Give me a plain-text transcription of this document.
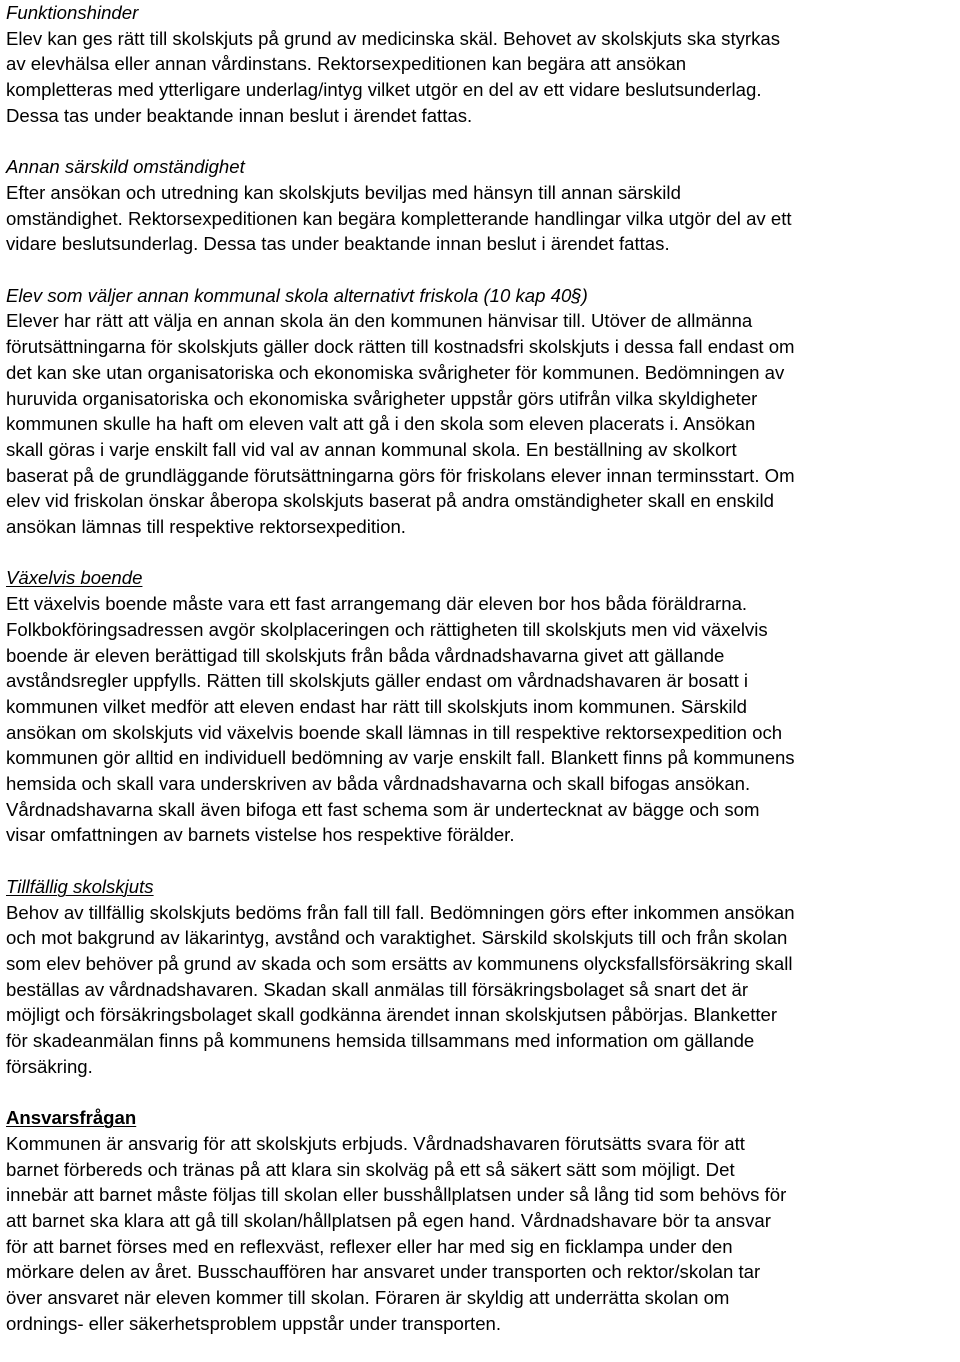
Funktionshinder

Elev kan ges rätt till skolskjuts på grund av medicinska skäl. Behovet av skolskjuts ska styrkas
av elevhälsa eller annan vårdinstans. Rektorsexpeditionen kan begära att ansökan
kompletteras med ytterligare underlag/intyg vilket utgör en del av ett vidare beslutsunderlag.
Dessa tas under beaktande innan beslut i ärendet fattas.

Annan särskild omständighet

Efter ansökan och utredning kan skolskjuts beviljas med hänsyn till annan särskild
omständighet. Rektorsexpeditionen kan begära kompletterande handlingar vilka utgör del av ett
vidare beslutsunderlag. Dessa tas under beaktande innan beslut i ärendet fattas.

Elev som väljer annan kommunal skola alternativt friskola (10 kap 40§)

Elever har rätt att välja en annan skola än den kommunen hänvisar till. Utöver de allmänna
förutsättningarna för skolskjuts gäller dock rätten till kostnadsfri skolskjuts i dessa fall endast om
det kan ske utan organisatoriska och ekonomiska svårigheter för kommunen. Bedömningen av
huruvida organisatoriska och ekonomiska svårigheter uppstår görs utifrån vilka skyldigheter
kommunen skulle ha haft om eleven valt att gå i den skola som eleven placerats i. Ansökan
skall göras i varje enskilt fall vid val av annan kommunal skola. En beställning av skolkort
baserat på de grundläggande förutsättningarna görs för friskolans elever innan terminsstart. Om
elev vid friskolan önskar åberopa skolskjuts baserat på andra omständigheter skall en enskild
ansökan lämnas till respektive rektorsexpedition.

Växelvis boende

Ett växelvis boende måste vara ett fast arrangemang där eleven bor hos båda föräldrarna.
Folkbokföringsadressen avgör skolplaceringen och rättigheten till skolskjuts men vid växelvis
boende är eleven berättigad till skolskjuts från båda vårdnadshavarna givet att gällande
avståndsregler uppfylls. Rätten till skolskjuts gäller endast om vårdnadshavaren är bosatt i
kommunen vilket medför att eleven endast har rätt till skolskjuts inom kommunen. Särskild
ansökan om skolskjuts vid växelvis boende skall lämnas in till respektive rektorsexpedition och
kommunen gör alltid en individuell bedömning av varje enskilt fall. Blankett finns på kommunens
hemsida och skall vara underskriven av båda vårdnadshavarna och skall bifogas ansökan.
Vårdnadshavarna skall även bifoga ett fast schema som är undertecknat av bägge och som
visar omfattningen av barnets vistelse hos respektive förälder.

Tillfällig skolskjuts

Behov av tillfällig skolskjuts bedöms från fall till fall. Bedömningen görs efter inkommen ansökan
och mot bakgrund av läkarintyg, avstånd och varaktighet. Särskild skolskjuts till och från skolan
som elev behöver på grund av skada och som ersätts av kommunens olycksfallsförsäkring skall
beställas av vårdnadshavaren. Skadan skall anmälas till försäkringsbolaget så snart det är
möjligt och försäkringsbolaget skall godkänna ärendet innan skolskjutsen påbörjas. Blanketter
för skadeanmälan finns på kommunens hemsida tillsammans med information om gällande
försäkring.

Ansvarsfrågan

Kommunen är ansvarig för att skolskjuts erbjuds. Vårdnadshavaren förutsätts svara för att
barnet förbereds och tränas på att klara sin skolväg på ett så säkert sätt som möjligt. Det
innebär att barnet måste följas till skolan eller busshållplatsen under så lång tid som behövs för
att barnet ska klara att gå till skolan/hållplatsen på egen hand. Vårdnadshavare bör ta ansvar
för att barnet förses med en reflexväst, reflexer eller har med sig en ficklampa under den
mörkare delen av året. Busschauffören har ansvaret under transporten och rektor/skolan tar
över ansvaret när eleven kommer till skolan. Föraren är skyldig att underrätta skolan om
ordnings- eller säkerhetsproblem uppstår under transporten.
